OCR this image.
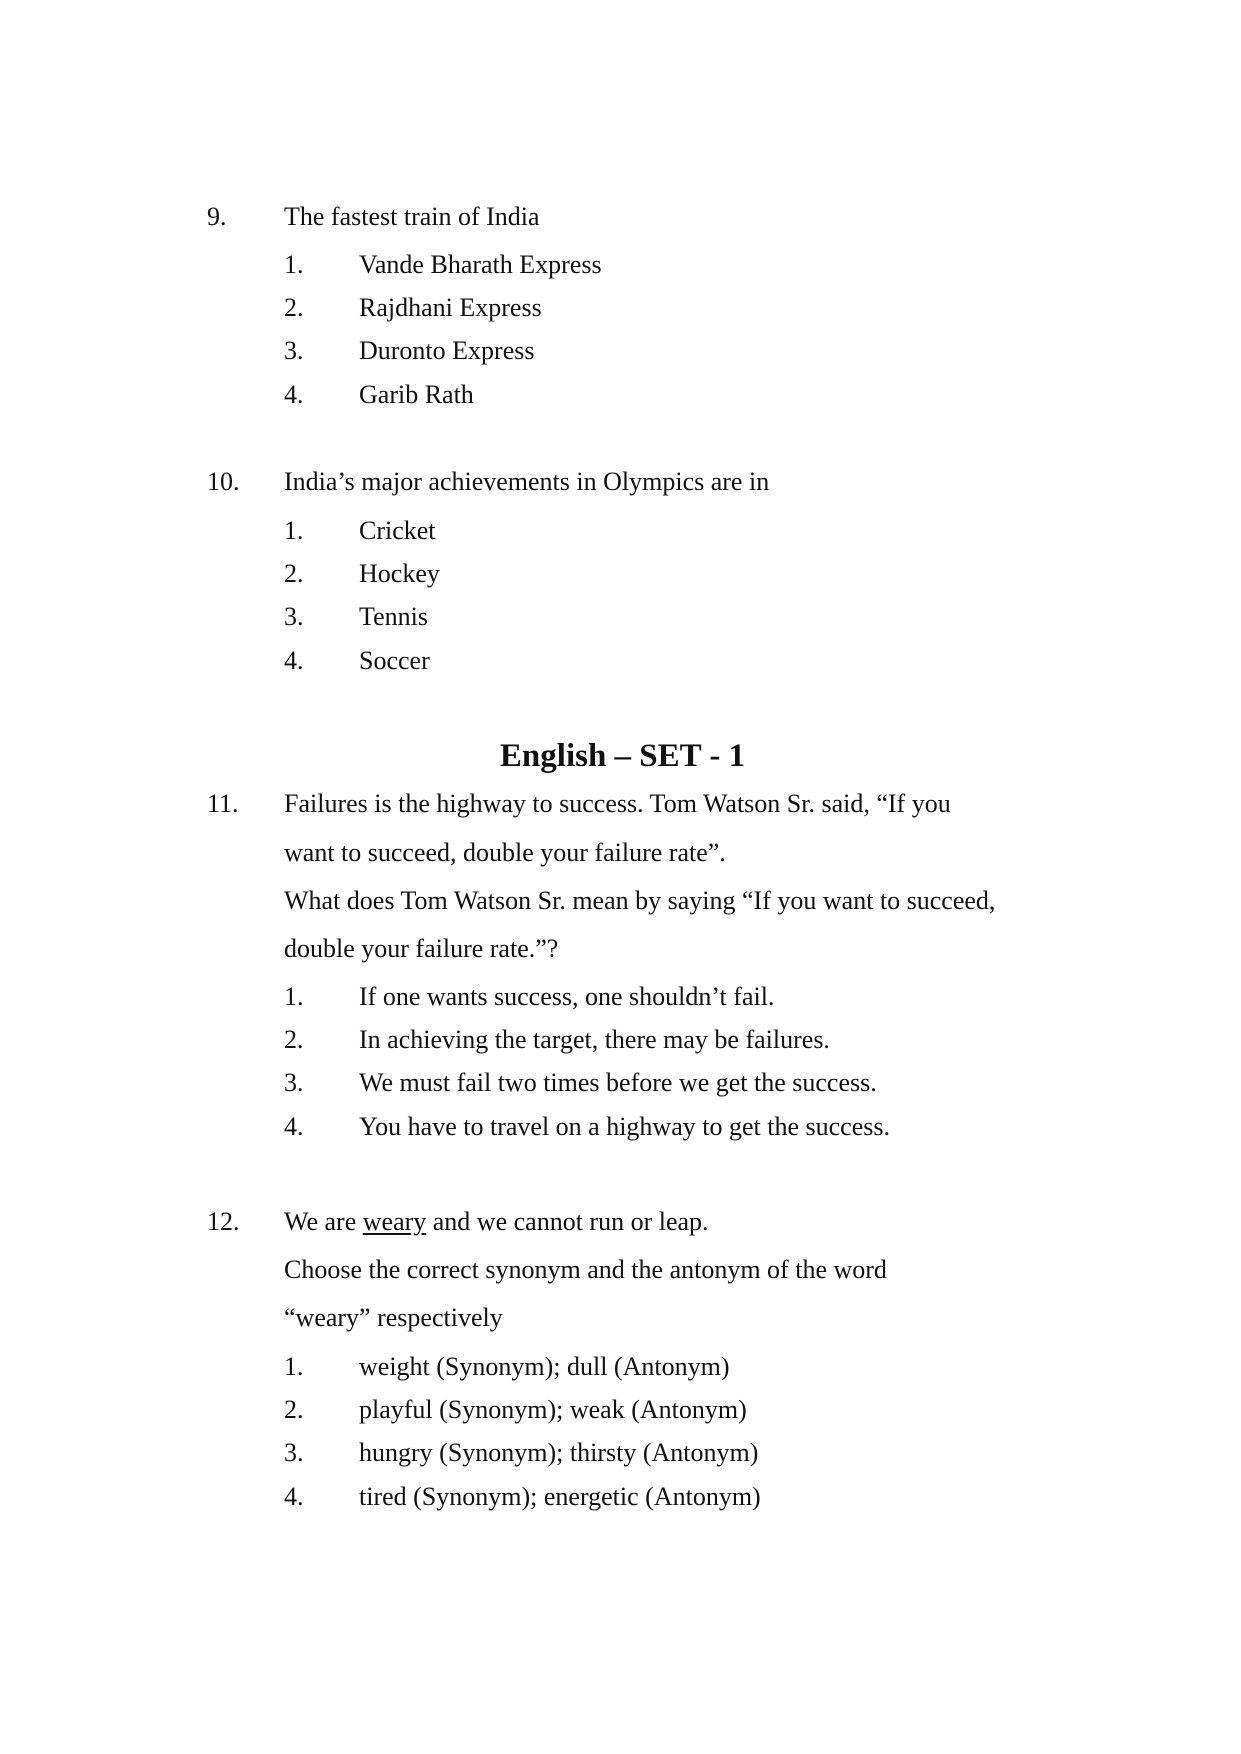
9. The fastest train of India
1. Vande Bharath Express
2. Rajdhani Express
3. Duronto Express
4. Garib Rath
10. India’s major achievements in Olympics are in
1. Cricket
2. Hockey
3. Tennis
4. Soccer
English – SET - 1
11. Failures is the highway to success. Tom Watson Sr. said, “If you
want to succeed, double your failure rate”.
What does Tom Watson Sr. mean by saying “If you want to succeed,
double your failure rate.”?
1. If one wants success, one shouldn’t fail.
2. In achieving the target, there may be failures.
3. We must fail two times before we get the success.
4. You have to travel on a highway to get the success.
12. We are weary and we cannot run or leap.
Choose the correct synonym and the antonym of the word
“weary” respectively
1. weight (Synonym); dull (Antonym)
2. playful (Synonym); weak (Antonym)
3. hungry (Synonym); thirsty (Antonym)
4. tired (Synonym); energetic (Antonym)
